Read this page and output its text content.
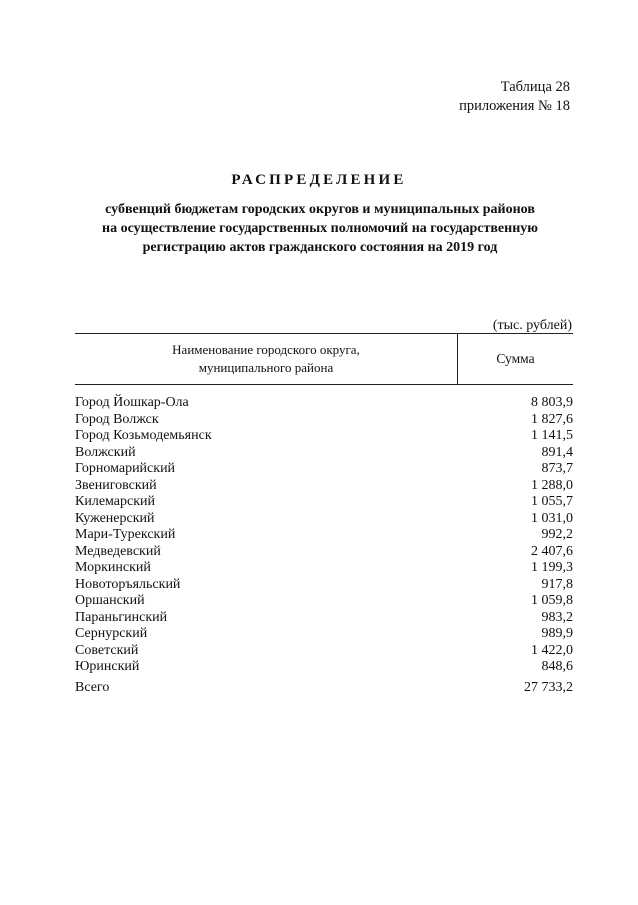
Таблица 28
приложения № 18
РАСПРЕДЕЛЕНИЕ
субвенций бюджетам городских округов и муниципальных районов
на осуществление государственных полномочий на государственную
регистрацию актов гражданского состояния на 2019 год
(тыс. рублей)
Наименование городского округа,
муниципального района
Сумма
Город Йошкар-Ола	8 803,9
Город Волжск	1 827,6
Город Козьмодемьянск	1 141,5
Волжский	891,4
Горномарийский	873,7
Звениговский	1 288,0
Килемарский	1 055,7
Куженерский	1 031,0
Мари-Турекский	992,2
Медведевский	2 407,6
Моркинский	1 199,3
Новоторъяльский	917,8
Оршанский	1 059,8
Параньгинский	983,2
Сернурский	989,9
Советский	1 422,0
Юринский	848,6
Всего	27 733,2
